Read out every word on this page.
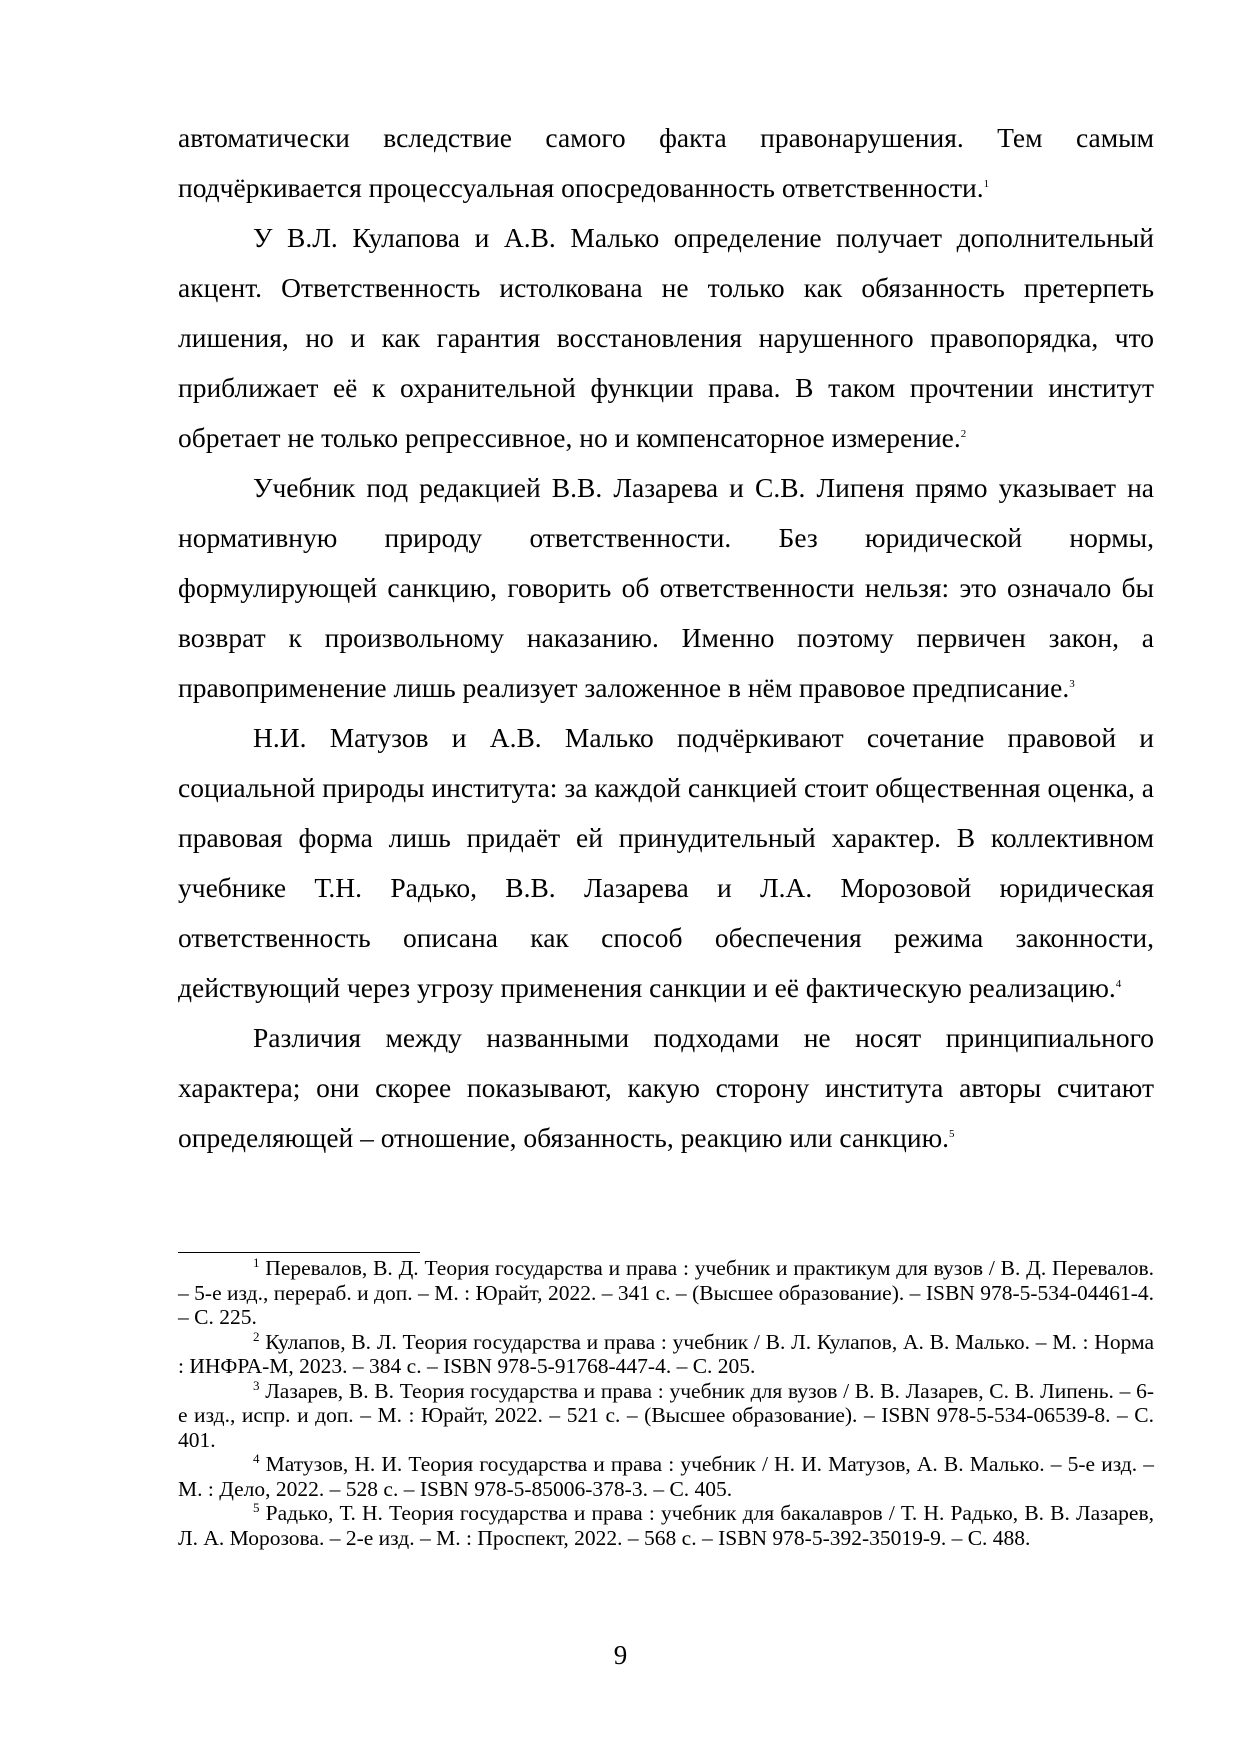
автоматически вследствие самого факта правонарушения. Тем самым подчёркивается процессуальная опосредованность ответственности.$^1$

У В.Л. Кулапова и А.В. Малько определение получает дополнительный акцент. Ответственность истолкована не только как обязанность претерпеть лишения, но и как гарантия восстановления нарушенного правопорядка, что приближает её к охранительной функции права. В таком прочтении институт обретает не только репрессивное, но и компенсаторное измерение.$^2$

Учебник под редакцией В.В. Лазарева и С.В. Липеня прямо указывает на нормативную природу ответственности. Без юридической нормы, формулирующей санкцию, говорить об ответственности нельзя: это означало бы возврат к произвольному наказанию. Именно поэтому первичен закон, а правоприменение лишь реализует заложенное в нём правовое предписание.$^3$

Н.И. Матузов и А.В. Малько подчёркивают сочетание правовой и социальной природы института: за каждой санкцией стоит общественная оценка, а правовая форма лишь придаёт ей принудительный характер. В коллективном учебнике Т.Н. Радько, В.В. Лазарева и Л.А. Морозовой юридическая ответственность описана как способ обеспечения режима законности, действующий через угрозу применения санкции и её фактическую реализацию.$^4$

Различия между названными подходами не носят принципиального характера; они скорее показывают, какую сторону института авторы считают определяющей – отношение, обязанность, реакцию или санкцию.$^5$

$^1$ Перевалов, В. Д. Теория государства и права : учебник и практикум для вузов / В. Д. Перевалов. – 5-е изд., перераб. и доп. – М. : Юрайт, 2022. – 341 с. – (Высшее образование). – ISBN 978-5-534-04461-4. – С. 225.

$^2$ Кулапов, В. Л. Теория государства и права : учебник / В. Л. Кулапов, А. В. Малько. – М. : Норма : ИНФРА-М, 2023. – 384 с. – ISBN 978-5-91768-447-4. – С. 205.

$^3$ Лазарев, В. В. Теория государства и права : учебник для вузов / В. В. Лазарев, С. В. Липень. – 6-е изд., испр. и доп. – М. : Юрайт, 2022. – 521 с. – (Высшее образование). – ISBN 978-5-534-06539-8. – С. 401.

$^4$ Матузов, Н. И. Теория государства и права : учебник / Н. И. Матузов, А. В. Малько. – 5-е изд. – М. : Дело, 2022. – 528 с. – ISBN 978-5-85006-378-3. – С. 405.

$^5$ Радько, Т. Н. Теория государства и права : учебник для бакалавров / Т. Н. Радько, В. В. Лазарев, Л. А. Морозова. – 2-е изд. – М. : Проспект, 2022. – 568 с. – ISBN 978-5-392-35019-9. – С. 488.

9
